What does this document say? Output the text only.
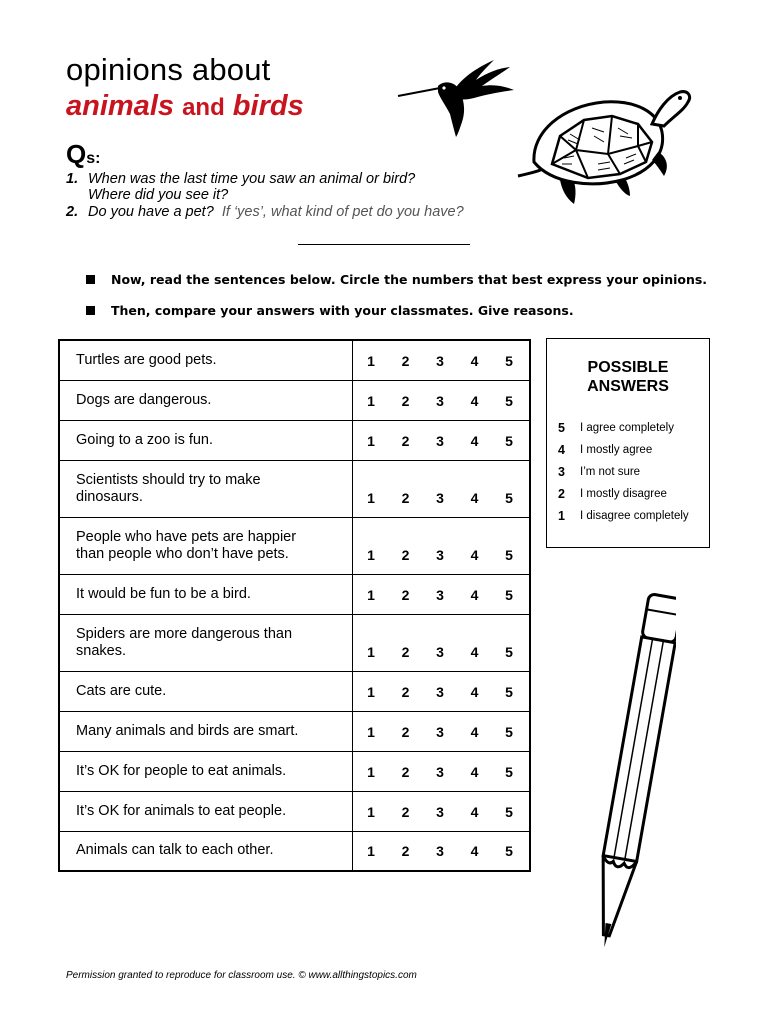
opinions about
animals and birds
Qs:
1. When was the last time you saw an animal or bird?
Where did you see it?
2. Do you have a pet? If ‘yes’, what kind of pet do you have?
Now, read the sentences below. Circle the numbers that best express your opinions.
Then, compare your answers with your classmates. Give reasons.
Turtles are good pets.	1 2 3 4 5

Dogs are dangerous.	1 2 3 4 5

Going to a zoo is fun.	1 2 3 4 5

Scientists should try to make
dinosaurs.	1 2 3 4 5

People who have pets are happier
than people who don’t have pets.	1 2 3 4 5

It would be fun to be a bird.	1 2 3 4 5

Spiders are more dangerous than
snakes.	1 2 3 4 5

Cats are cute.	1 2 3 4 5

Many animals and birds are smart.	1 2 3 4 5

It’s OK for people to eat animals.	1 2 3 4 5

It’s OK for animals to eat people.	1 2 3 4 5

Animals can talk to each other.	1 2 3 4 5
POSSIBLE
ANSWERS
5	I agree completely
4	I mostly agree
3	I’m not sure
2	I mostly disagree
1	I disagree completely
Permission granted to reproduce for classroom use. © www.allthingstopics.com
